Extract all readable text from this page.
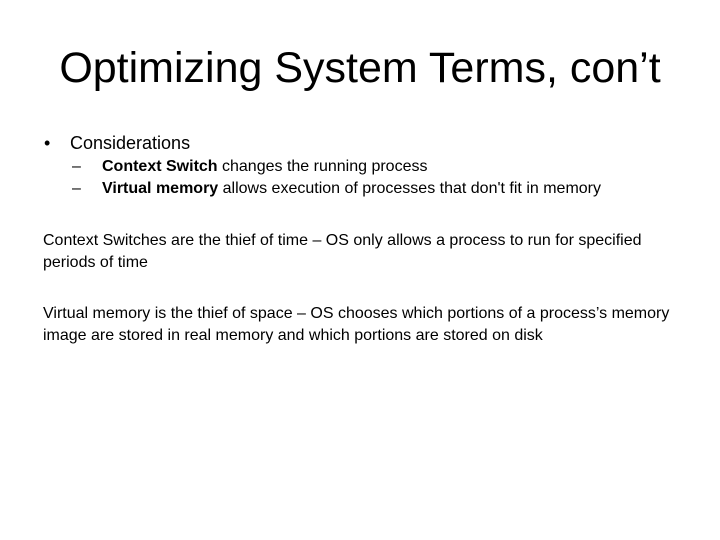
Optimizing System Terms, con’t
• Considerations
– Context Switch changes the running process
– Virtual memory allows execution of processes that don't fit in memory
Context Switches are the thief of time – OS only allows a process to run for specified periods of time
Virtual memory is the thief of space – OS chooses which portions of a process’s memory image are stored in real memory and which portions are stored on disk
